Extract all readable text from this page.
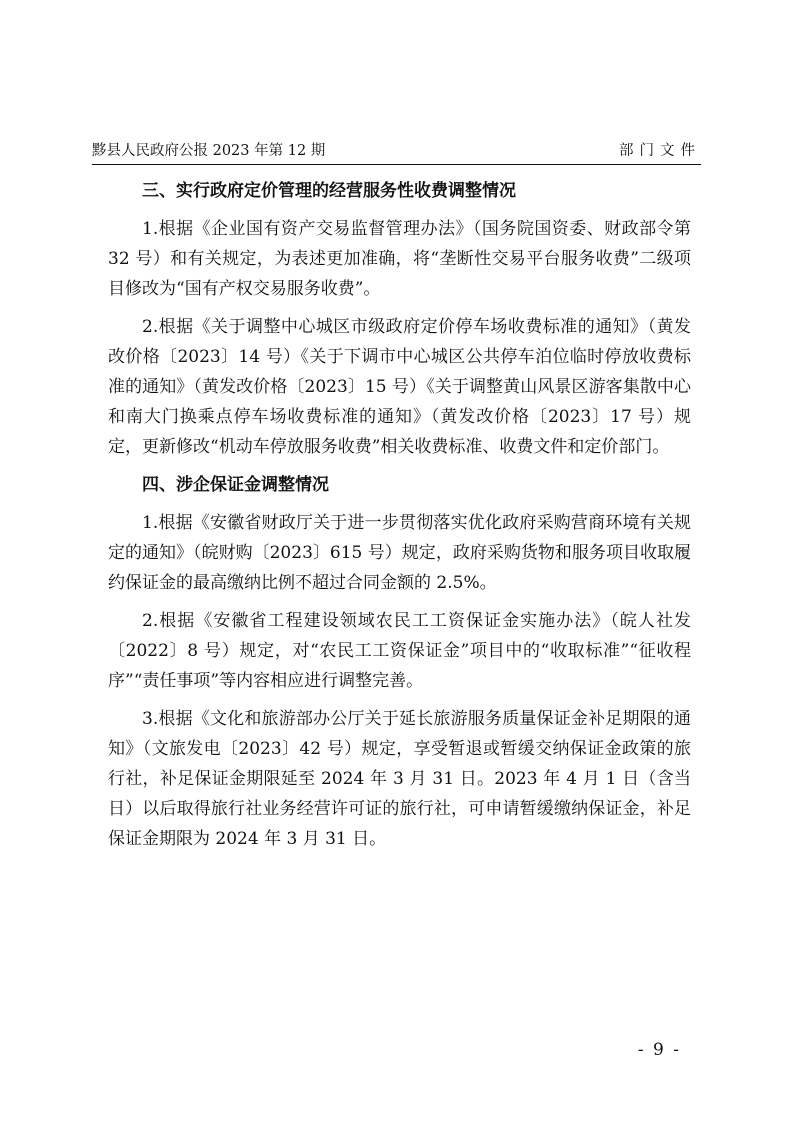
黟县人民政府公报 2023 年第 12 期	部门文件
三、实行政府定价管理的经营服务性收费调整情况

1.根据《企业国有资产交易监督管理办法》（国务院国资委、财政部令第 32 号）和有关规定，为表述更加准确，将“垄断性交易平台服务收费”二级项目修改为“国有产权交易服务收费”。

2.根据《关于调整中心城区市级政府定价停车场收费标准的通知》（黄发改价格〔2023〕14 号）《关于下调市中心城区公共停车泊位临时停放收费标准的通知》（黄发改价格〔2023〕15 号）《关于调整黄山风景区游客集散中心和南大门换乘点停车场收费标准的通知》（黄发改价格〔2023〕17 号）规定，更新修改“机动车停放服务收费”相关收费标准、收费文件和定价部门。

四、涉企保证金调整情况

1.根据《安徽省财政厅关于进一步贯彻落实优化政府采购营商环境有关规定的通知》（皖财购〔2023〕615 号）规定，政府采购货物和服务项目收取履约保证金的最高缴纳比例不超过合同金额的 2.5%。

2.根据《安徽省工程建设领域农民工工资保证金实施办法》（皖人社发〔2022〕8 号）规定，对“农民工工资保证金”项目中的“收取标准”“征收程序”“责任事项”等内容相应进行调整完善。

3.根据《文化和旅游部办公厅关于延长旅游服务质量保证金补足期限的通知》（文旅发电〔2023〕42 号）规定，享受暂退或暂缓交纳保证金政策的旅行社，补足保证金期限延至 2024 年 3 月 31 日。2023 年 4 月 1 日（含当日）以后取得旅行社业务经营许可证的旅行社，可申请暂缓缴纳保证金，补足保证金期限为 2024 年 3 月 31 日。

- 9 -
